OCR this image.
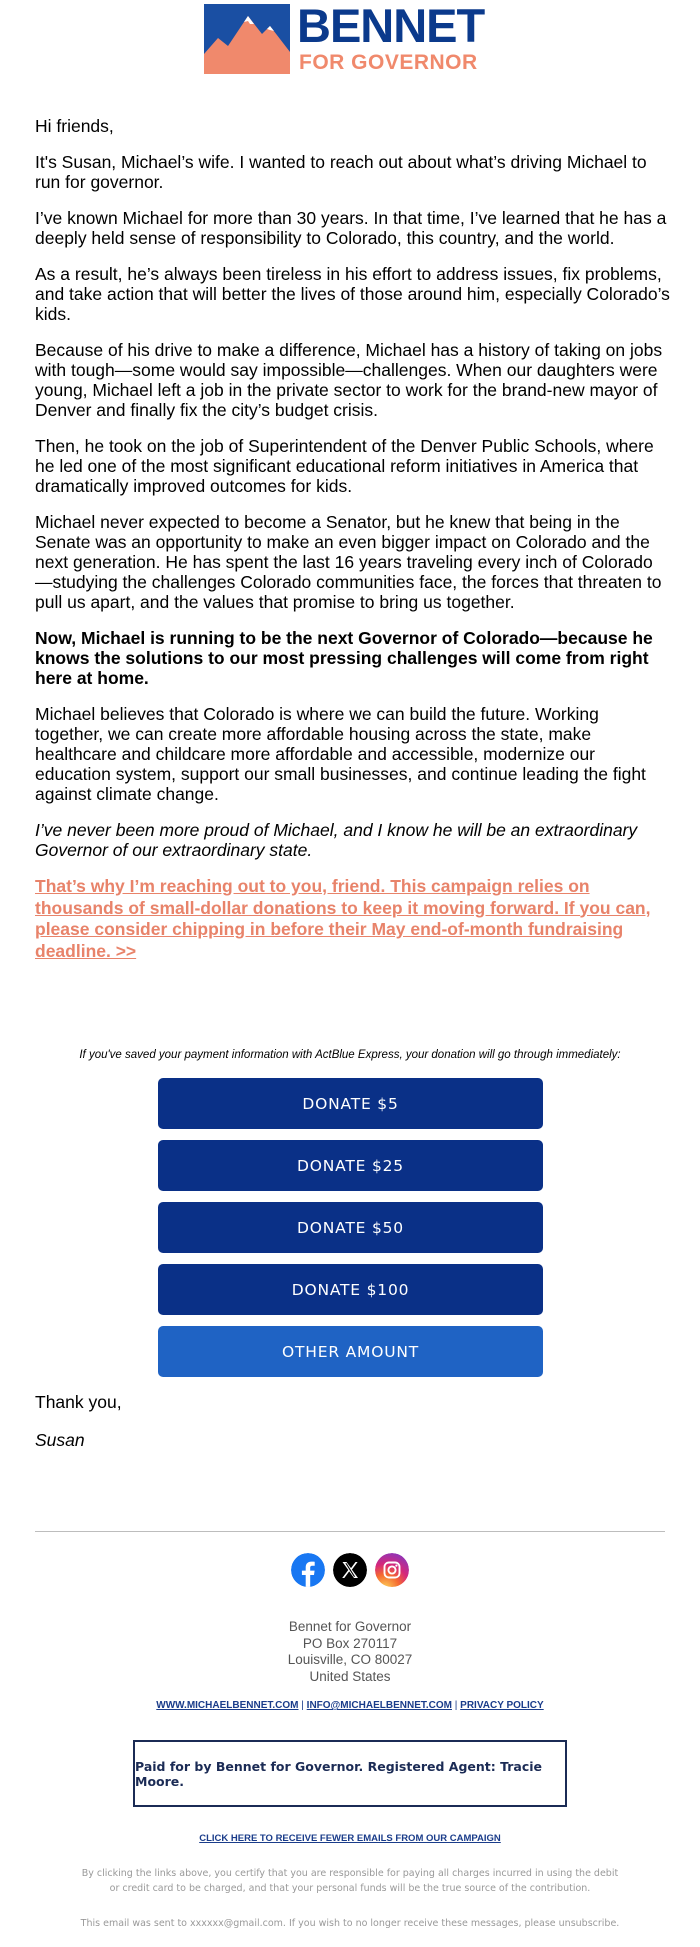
BENNET
FOR GOVERNOR

Hi friends,

It's Susan, Michael’s wife. I wanted to reach out about what’s driving Michael to run for governor.

I’ve known Michael for more than 30 years. In that time, I’ve learned that he has a deeply held sense of responsibility to Colorado, this country, and the world.

As a result, he’s always been tireless in his effort to address issues, fix problems, and take action that will better the lives of those around him, especially Colorado’s kids.

Because of his drive to make a difference, Michael has a history of taking on jobs with tough—some would say impossible—challenges. When our daughters were young, Michael left a job in the private sector to work for the brand-new mayor of Denver and finally fix the city’s budget crisis.

Then, he took on the job of Superintendent of the Denver Public Schools, where he led one of the most significant educational reform initiatives in America that dramatically improved outcomes for kids.

Michael never expected to become a Senator, but he knew that being in the Senate was an opportunity to make an even bigger impact on Colorado and the next generation. He has spent the last 16 years traveling every inch of Colorado—studying the challenges Colorado communities face, the forces that threaten to pull us apart, and the values that promise to bring us together.

Now, Michael is running to be the next Governor of Colorado—because he knows the solutions to our most pressing challenges will come from right here at home.

Michael believes that Colorado is where we can build the future. Working together, we can create more affordable housing across the state, make healthcare and childcare more affordable and accessible, modernize our education system, support our small businesses, and continue leading the fight against climate change.

I’ve never been more proud of Michael, and I know he will be an extraordinary Governor of our extraordinary state.

That’s why I’m reaching out to you, friend. This campaign relies on thousands of small-dollar donations to keep it moving forward. If you can, please consider chipping in before their May end-of-month fundraising deadline. >>

If you've saved your payment information with ActBlue Express, your donation will go through immediately:
DONATE $5
DONATE $25
DONATE $50
DONATE $100
OTHER AMOUNT
Thank you,
Susan
Bennet for Governor
PO Box 270117
Louisville, CO 80027
United States
WWW.MICHAELBENNET.COM | INFO@MICHAELBENNET.COM | PRIVACY POLICY
Paid for by Bennet for Governor. Registered Agent: Tracie Moore.
CLICK HERE TO RECEIVE FEWER EMAILS FROM OUR CAMPAIGN
By clicking the links above, you certify that you are responsible for paying all charges incurred in using the debit or credit card to be charged, and that your personal funds will be the true source of the contribution.
This email was sent to xxxxxx@gmail.com. If you wish to no longer receive these messages, please unsubscribe.
